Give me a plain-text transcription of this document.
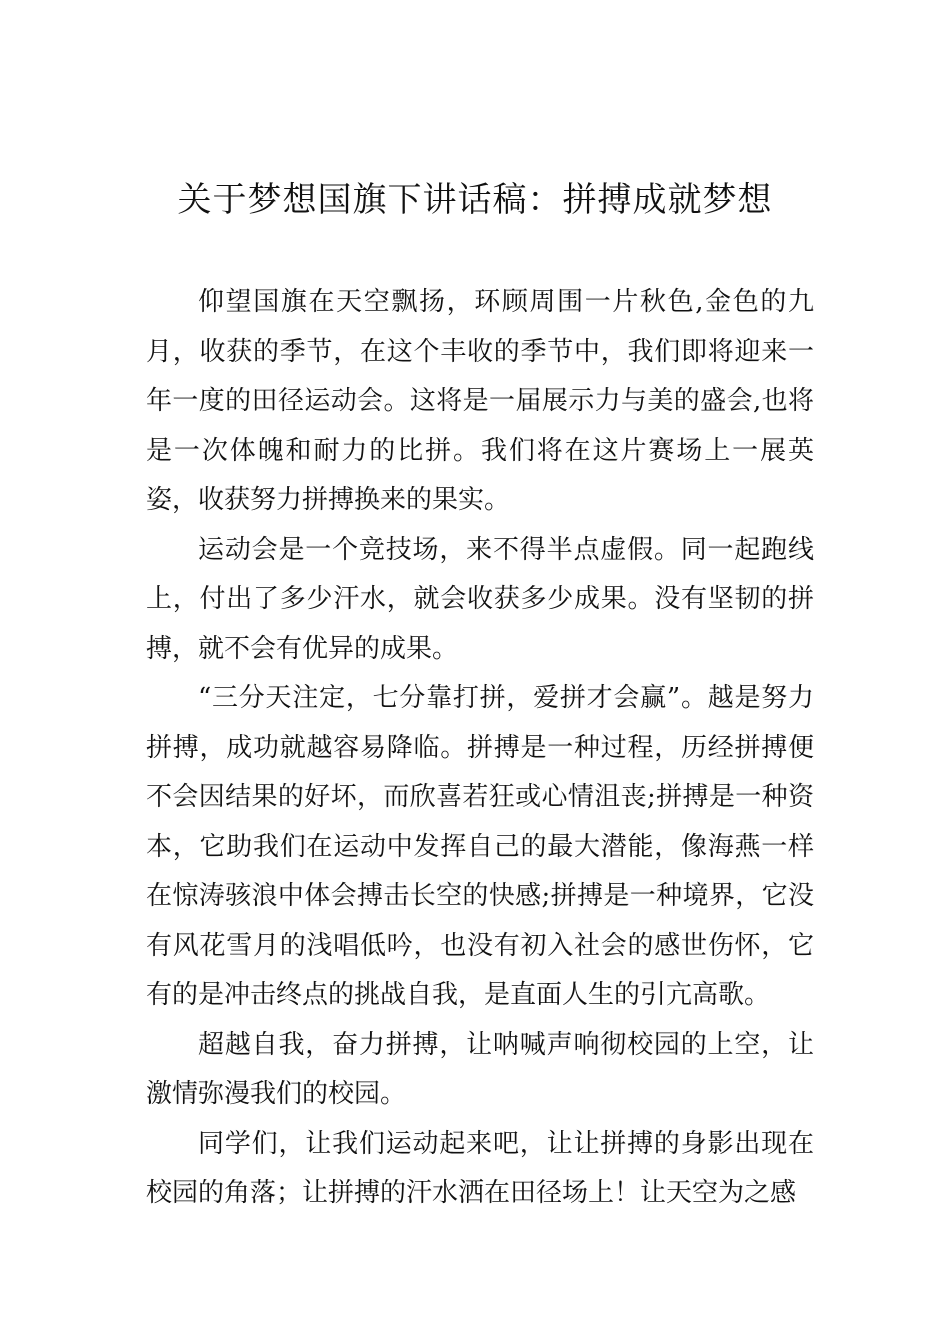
关于梦想国旗下讲话稿：拼搏成就梦想

仰望国旗在天空飘扬，环顾周围一片秋色,金色的九月，收获的季节，在这个丰收的季节中，我们即将迎来一年一度的田径运动会。这将是一届展示力与美的盛会,也将是一次体魄和耐力的比拼。我们将在这片赛场上一展英姿，收获努力拼搏换来的果实。

运动会是一个竞技场，来不得半点虚假。同一起跑线上，付出了多少汗水，就会收获多少成果。没有坚韧的拼搏，就不会有优异的成果。

“三分天注定，七分靠打拼，爱拼才会赢”。越是努力拼搏，成功就越容易降临。拼搏是一种过程，历经拼搏便不会因结果的好坏，而欣喜若狂或心情沮丧;拼搏是一种资本，它助我们在运动中发挥自己的最大潜能，像海燕一样在惊涛骇浪中体会搏击长空的快感;拼搏是一种境界，它没有风花雪月的浅唱低吟，也没有初入社会的感世伤怀，它有的是冲击终点的挑战自我，是直面人生的引亢高歌。

超越自我，奋力拼搏，让呐喊声响彻校园的上空，让激情弥漫我们的校园。

同学们，让我们运动起来吧，让让拼搏的身影出现在校园的角落；让拼搏的汗水洒在田径场上！让天空为之感
